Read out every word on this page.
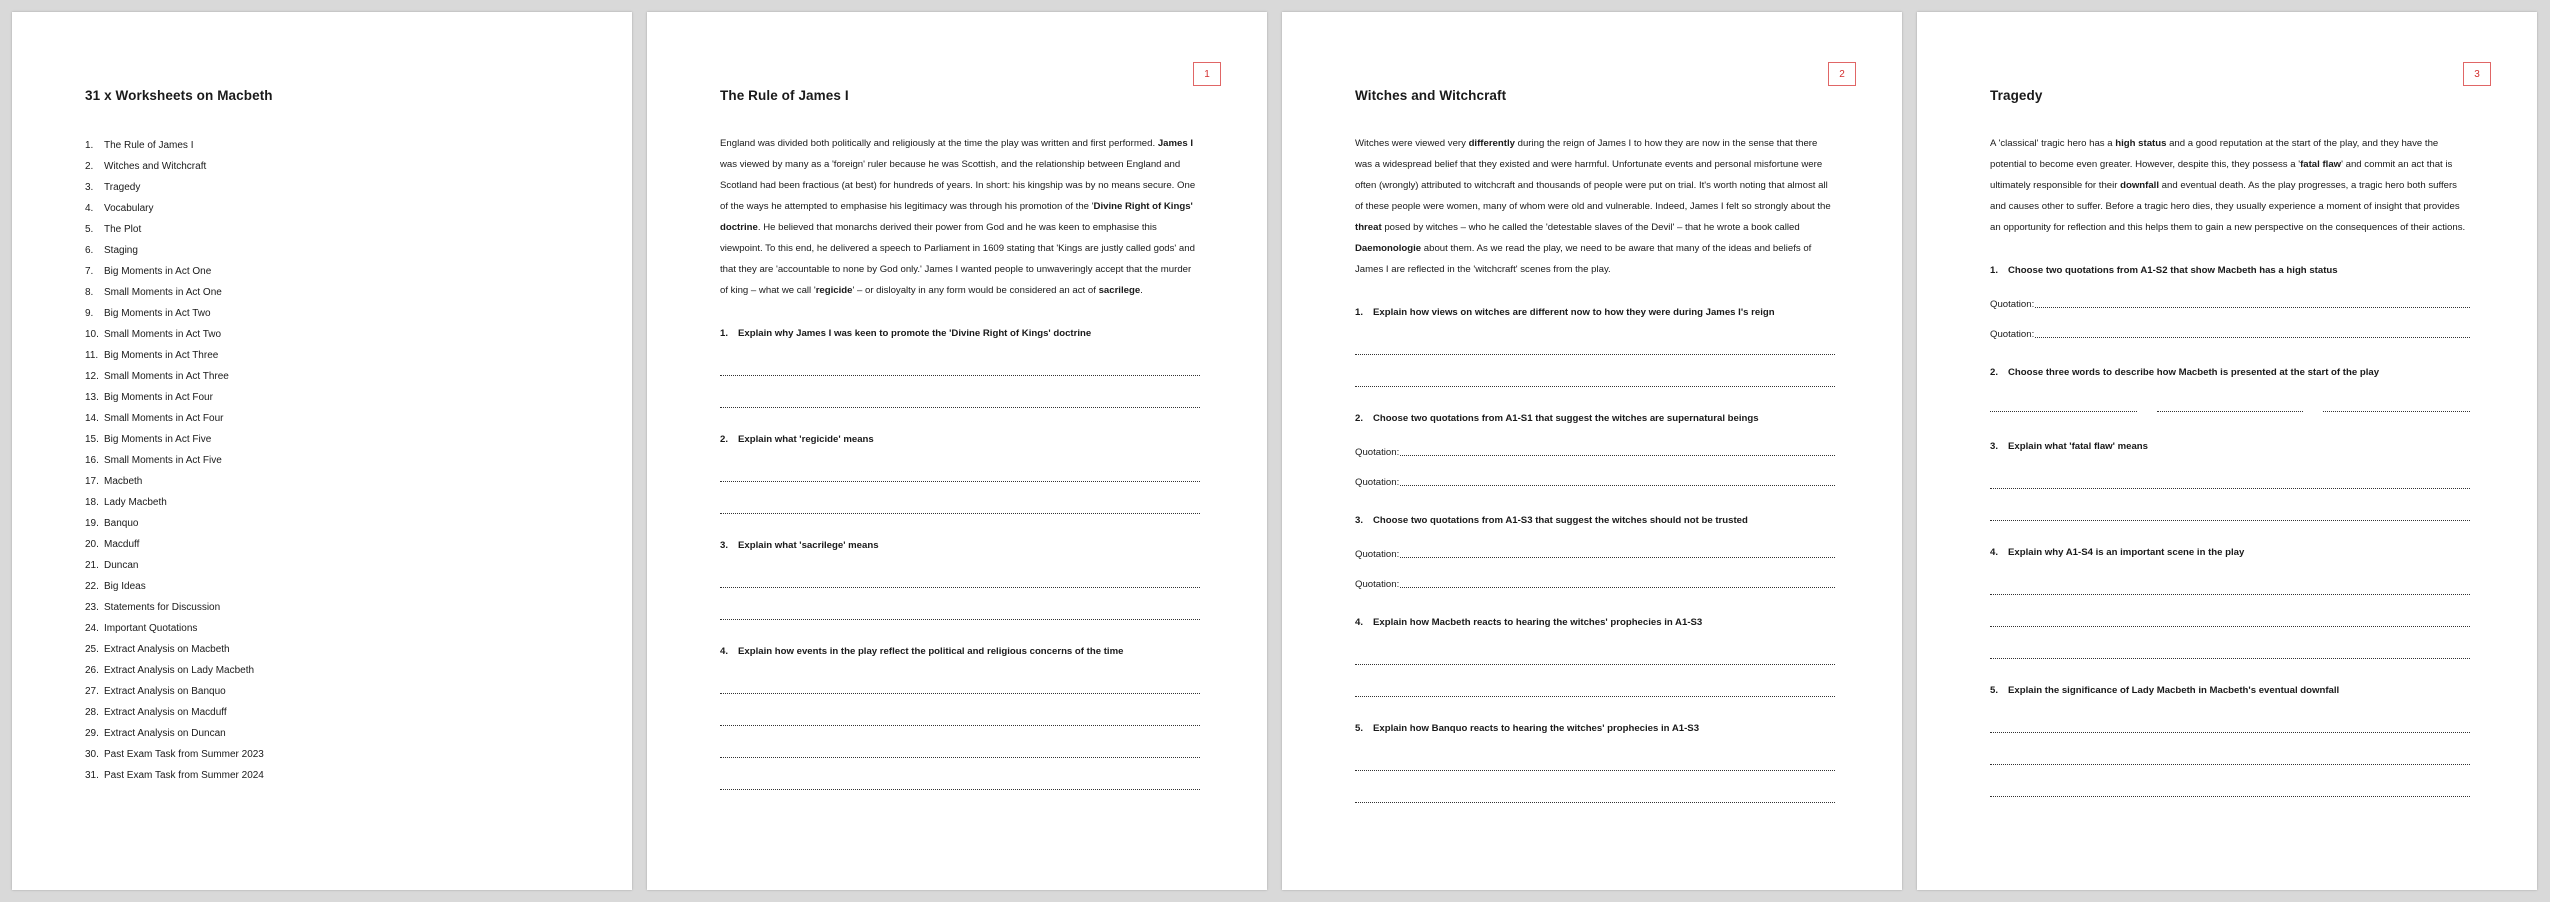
31 x Worksheets on Macbeth
1.	The Rule of James I
2.	Witches and Witchcraft
3.	Tragedy
4.	Vocabulary
5.	The Plot
6.	Staging
7.	Big Moments in Act One
8.	Small Moments in Act One
9.	Big Moments in Act Two
10. Small Moments in Act Two
11. Big Moments in Act Three
12. Small Moments in Act Three
13. Big Moments in Act Four
14. Small Moments in Act Four
15. Big Moments in Act Five
16. Small Moments in Act Five
17. Macbeth
18. Lady Macbeth
19. Banquo
20. Macduff
21. Duncan
22. Big Ideas
23. Statements for Discussion
24. Important Quotations
25. Extract Analysis on Macbeth
26. Extract Analysis on Lady Macbeth
27. Extract Analysis on Banquo
28. Extract Analysis on Macduff
29. Extract Analysis on Duncan
30. Past Exam Task from Summer 2023
31. Past Exam Task from Summer 2024
1
The Rule of James I

England was divided both politically and religiously at the time the play was written and first performed. James I was viewed by many as a 'foreign' ruler because he was Scottish, and the relationship between England and Scotland had been fractious (at best) for hundreds of years. In short: his kingship was by no means secure. One of the ways he attempted to emphasise his legitimacy was through his promotion of the 'Divine Right of Kings' doctrine. He believed that monarchs derived their power from God and he was keen to emphasise this viewpoint. To this end, he delivered a speech to Parliament in 1609 stating that 'Kings are justly called gods' and that they are 'accountable to none by God only.' James I wanted people to unwaveringly accept that the murder of king – what we call 'regicide' – or disloyalty in any form would be considered an act of sacrilege.

1.	Explain why James I was keen to promote the 'Divine Right of Kings' doctrine
2.	Explain what 'regicide' means
3.	Explain what 'sacrilege' means
4.	Explain how events in the play reflect the political and religious concerns of the time
2
Witches and Witchcraft

Witches were viewed very differently during the reign of James I to how they are now in the sense that there was a widespread belief that they existed and were harmful. Unfortunate events and personal misfortune were often (wrongly) attributed to witchcraft and thousands of people were put on trial. It's worth noting that almost all of these people were women, many of whom were old and vulnerable. Indeed, James I felt so strongly about the threat posed by witches – who he called the 'detestable slaves of the Devil' – that he wrote a book called Daemonologie about them. As we read the play, we need to be aware that many of the ideas and beliefs of James I are reflected in the 'witchcraft' scenes from the play.

1.	Explain how views on witches are different now to how they were during James I's reign
2.	Choose two quotations from A1-S1 that suggest the witches are supernatural beings
Quotation:
Quotation:
3.	Choose two quotations from A1-S3 that suggest the witches should not be trusted
Quotation:
Quotation:
4.	Explain how Macbeth reacts to hearing the witches' prophecies in A1-S3
5.	Explain how Banquo reacts to hearing the witches' prophecies in A1-S3
3
Tragedy

A 'classical' tragic hero has a high status and a good reputation at the start of the play, and they have the potential to become even greater. However, despite this, they possess a 'fatal flaw' and commit an act that is ultimately responsible for their downfall and eventual death. As the play progresses, a tragic hero both suffers and causes other to suffer. Before a tragic hero dies, they usually experience a moment of insight that provides an opportunity for reflection and this helps them to gain a new perspective on the consequences of their actions.

1.	Choose two quotations from A1-S2 that show Macbeth has a high status
Quotation:
Quotation:
2.	Choose three words to describe how Macbeth is presented at the start of the play
3.	Explain what 'fatal flaw' means
4.	Explain why A1-S4 is an important scene in the play
5.	Explain the significance of Lady Macbeth in Macbeth's eventual downfall
